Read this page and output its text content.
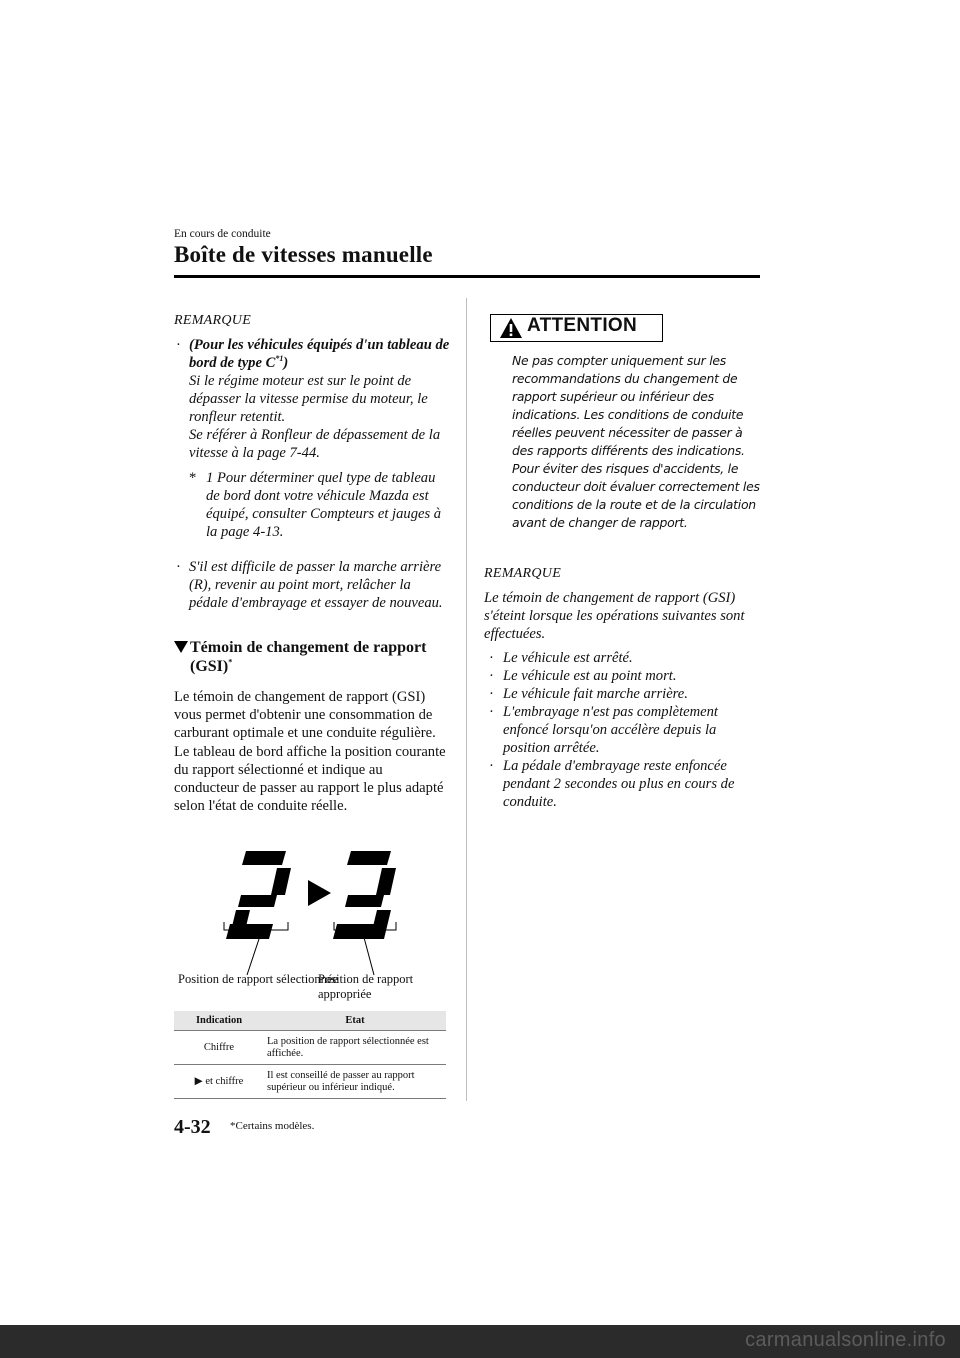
En cours de conduite
Boîte de vitesses manuelle
REMARQUE
· (Pour les véhicules équipés d'un tableau de bord de type $C^{*1}$)
Si le régime moteur est sur le point de dépasser la vitesse permise du moteur, le ronfleur retentit.
Se référer à Ronfleur de dépassement de la vitesse à la page 7-44.
* 1 Pour déterminer quel type de tableau de bord dont votre véhicule Mazda est équipé, consulter Compteurs et jauges à la page 4-13.
· S'il est difficile de passer la marche arrière (R), revenir au point mort, relâcher la pédale d'embrayage et essayer de nouveau.
Témoin de changement de rapport (GSI)*
Le témoin de changement de rapport (GSI) vous permet d'obtenir une consommation de carburant optimale et une conduite régulière. Le tableau de bord affiche la position courante du rapport sélectionné et indique au conducteur de passer au rapport le plus adapté selon l'état de conduite réelle.
Position de rapport sélectionnée
Position de rapport appropriée
Indication	Etat
Chiffre	La position de rapport sélectionnée est affichée.
▶ et chiffre	Il est conseillé de passer au rapport supérieur ou inférieur indiqué.
ATTENTION
Ne pas compter uniquement sur les recommandations du changement de rapport supérieur ou inférieur des indications. Les conditions de conduite réelles peuvent nécessiter de passer à des rapports différents des indications. Pour éviter des risques d'accidents, le conducteur doit évaluer correctement les conditions de la route et de la circulation avant de changer de rapport.
REMARQUE
Le témoin de changement de rapport (GSI) s'éteint lorsque les opérations suivantes sont effectuées.
· Le véhicule est arrêté.
· Le véhicule est au point mort.
· Le véhicule fait marche arrière.
· L'embrayage n'est pas complètement enfoncé lorsqu'on accélère depuis la position arrêtée.
· La pédale d'embrayage reste enfoncée pendant 2 secondes ou plus en cours de conduite.
4-32 *Certains modèles.
carmanualsonline.info
